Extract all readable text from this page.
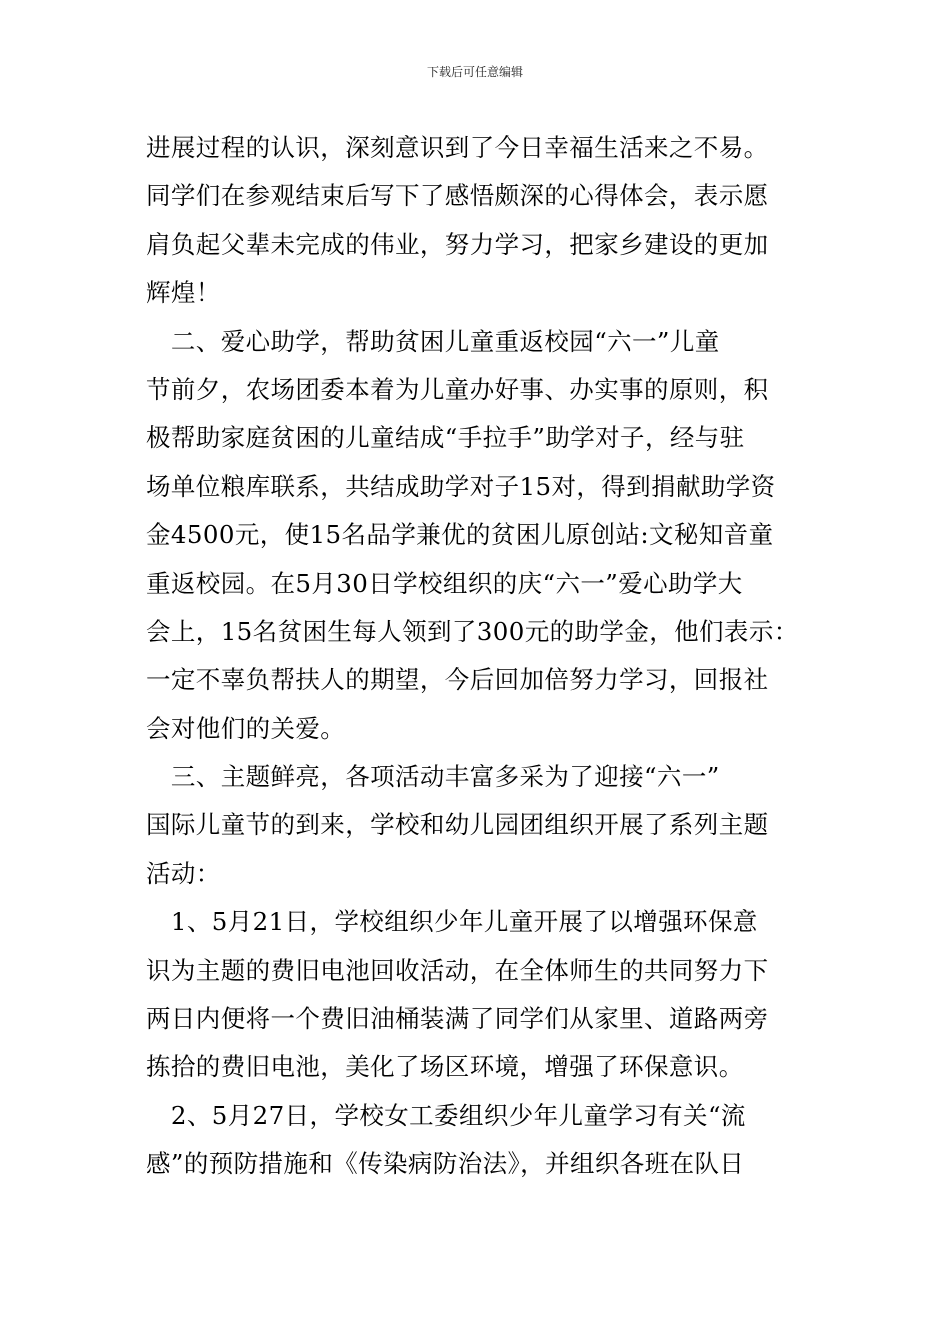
下载后可任意编辑
进展过程的认识，深刻意识到了今日幸福生活来之不易。
同学们在参观结束后写下了感悟颇深的心得体会，表示愿
肩负起父辈未完成的伟业，努力学习，把家乡建设的更加
辉煌！
　二、爱心助学，帮助贫困儿童重返校园“六一”儿童
节前夕，农场团委本着为儿童办好事、办实事的原则，积
极帮助家庭贫困的儿童结成“手拉手”助学对子，经与驻
场单位粮库联系，共结成助学对子15对，得到捐献助学资
金4500元，使15名品学兼优的贫困儿原创站:文秘知音童
重返校园。在5月30日学校组织的庆“六一”爱心助学大
会上，15名贫困生每人领到了300元的助学金，他们表示：
一定不辜负帮扶人的期望，今后回加倍努力学习，回报社
会对他们的关爱。
　三、主题鲜亮，各项活动丰富多采为了迎接“六一”
国际儿童节的到来，学校和幼儿园团组织开展了系列主题
活动：
　1、5月21日，学校组织少年儿童开展了以增强环保意
识为主题的费旧电池回收活动，在全体师生的共同努力下
两日内便将一个费旧油桶装满了同学们从家里、道路两旁
拣拾的费旧电池，美化了场区环境，增强了环保意识。
　2、5月27日，学校女工委组织少年儿童学习有关“流
感”的预防措施和《传染病防治法》，并组织各班在队日
